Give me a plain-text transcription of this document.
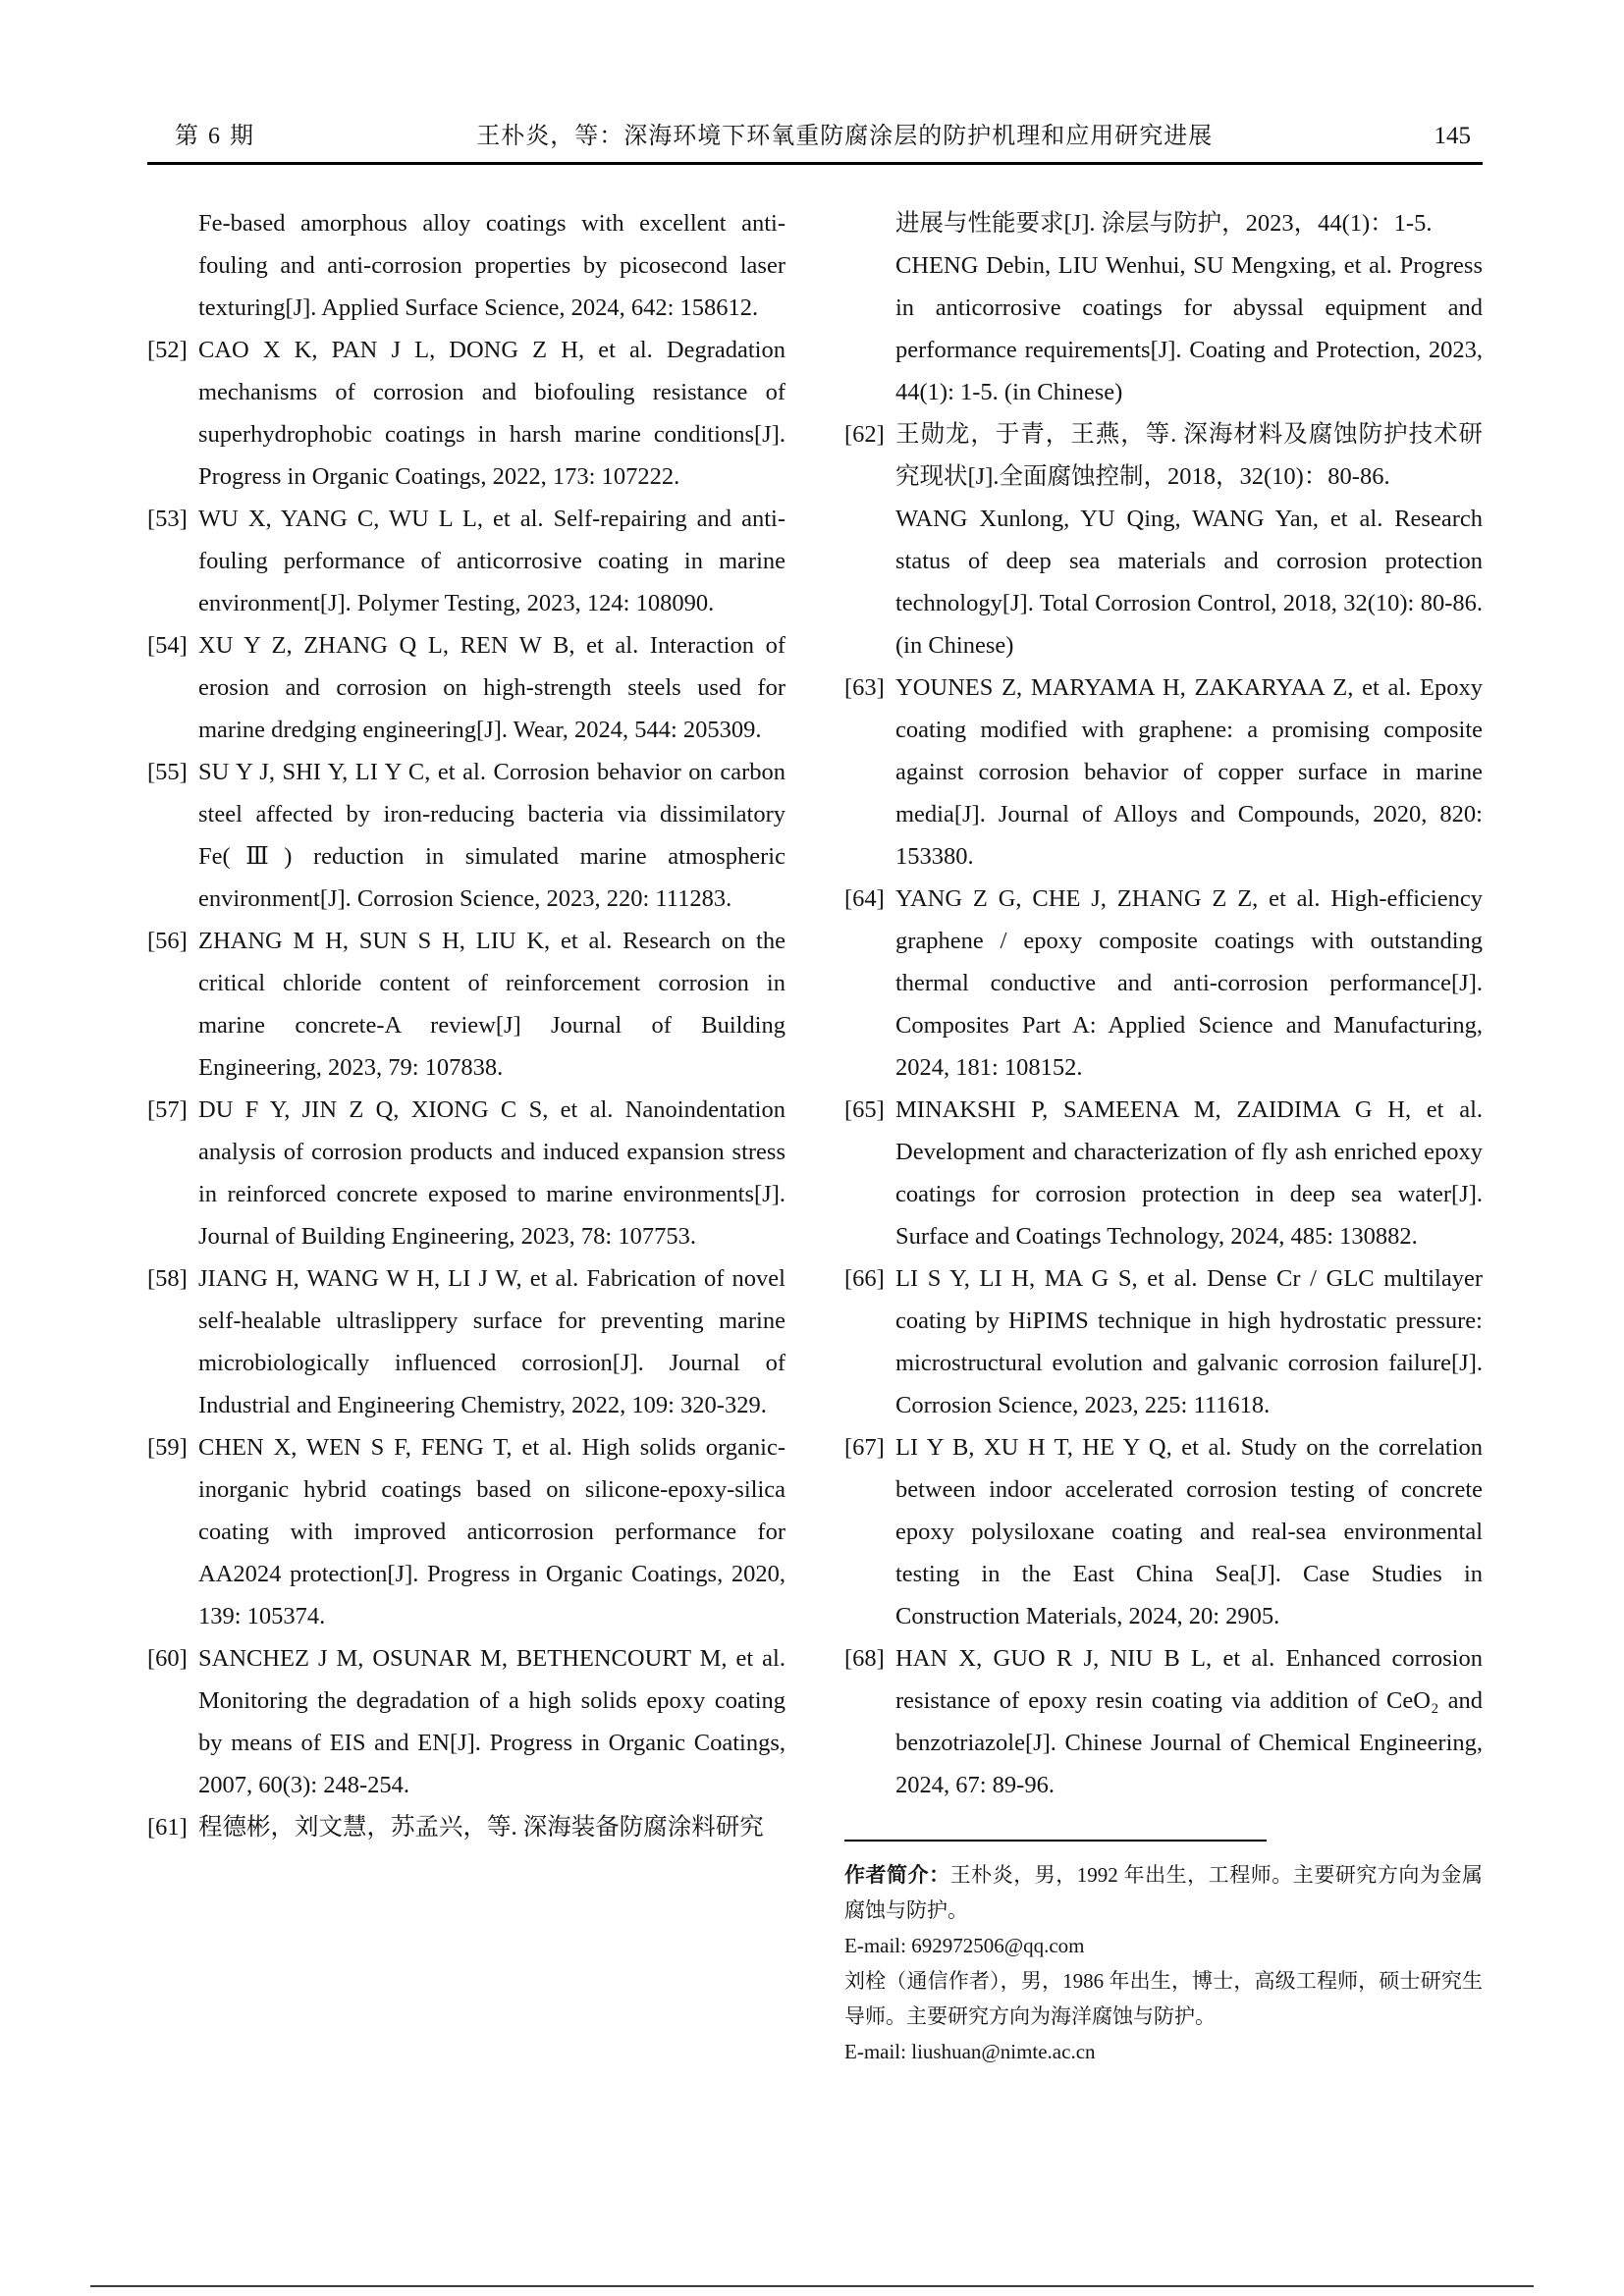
第 6 期	王朴炎，等：深海环境下环氧重防腐涂层的防护机理和应用研究进展	145

Fe-based amorphous alloy coatings with excellent anti-fouling and anti-corrosion properties by picosecond laser texturing[J]. Applied Surface Science, 2024, 642: 158612.

[52] CAO X K, PAN J L, DONG Z H, et al. Degradation mechanisms of corrosion and biofouling resistance of superhydrophobic coatings in harsh marine conditions[J]. Progress in Organic Coatings, 2022, 173: 107222.

[53] WU X, YANG C, WU L L, et al. Self-repairing and anti-fouling performance of anticorrosive coating in marine environment[J]. Polymer Testing, 2023, 124: 108090.

[54] XU Y Z, ZHANG Q L, REN W B, et al. Interaction of erosion and corrosion on high-strength steels used for marine dredging engineering[J]. Wear, 2024, 544: 205309.

[55] SU Y J, SHI Y, LI Y C, et al. Corrosion behavior on carbon steel affected by iron-reducing bacteria via dissimilatory Fe(Ⅲ) reduction in simulated marine atmospheric environment[J]. Corrosion Science, 2023, 220: 111283.

[56] ZHANG M H, SUN S H, LIU K, et al. Research on the critical chloride content of reinforcement corrosion in marine concrete-A review[J] Journal of Building Engineering, 2023, 79: 107838.

[57] DU F Y, JIN Z Q, XIONG C S, et al. Nanoindentation analysis of corrosion products and induced expansion stress in reinforced concrete exposed to marine environments[J]. Journal of Building Engineering, 2023, 78: 107753.

[58] JIANG H, WANG W H, LI J W, et al. Fabrication of novel self-healable ultraslippery surface for preventing marine microbiologically influenced corrosion[J]. Journal of Industrial and Engineering Chemistry, 2022, 109: 320-329.

[59] CHEN X, WEN S F, FENG T, et al. High solids organic-inorganic hybrid coatings based on silicone-epoxy-silica coating with improved anticorrosion performance for AA2024 protection[J]. Progress in Organic Coatings, 2020, 139: 105374.

[60] SANCHEZ J M, OSUNAR M, BETHENCOURT M, et al. Monitoring the degradation of a high solids epoxy coating by means of EIS and EN[J]. Progress in Organic Coatings, 2007, 60(3): 248-254.

[61] 程德彬，刘文慧，苏孟兴，等. 深海装备防腐涂料研究

进展与性能要求[J]. 涂层与防护，2023，44(1)：1-5.

CHENG Debin, LIU Wenhui, SU Mengxing, et al. Progress in anticorrosive coatings for abyssal equipment and performance requirements[J]. Coating and Protection, 2023, 44(1): 1-5. (in Chinese)

[62] 王勋龙，于青，王燕，等. 深海材料及腐蚀防护技术研究现状[J].全面腐蚀控制，2018，32(10)：80-86.

WANG Xunlong, YU Qing, WANG Yan, et al. Research status of deep sea materials and corrosion protection technology[J]. Total Corrosion Control, 2018, 32(10): 80-86. (in Chinese)

[63] YOUNES Z, MARYAMA H, ZAKARYAA Z, et al. Epoxy coating modified with graphene: a promising composite against corrosion behavior of copper surface in marine media[J]. Journal of Alloys and Compounds, 2020, 820: 153380.

[64] YANG Z G, CHE J, ZHANG Z Z, et al. High-efficiency graphene / epoxy composite coatings with outstanding thermal conductive and anti-corrosion performance[J]. Composites Part A: Applied Science and Manufacturing, 2024, 181: 108152.

[65] MINAKSHI P, SAMEENA M, ZAIDIMA G H, et al. Development and characterization of fly ash enriched epoxy coatings for corrosion protection in deep sea water[J]. Surface and Coatings Technology, 2024, 485: 130882.

[66] LI S Y, LI H, MA G S, et al. Dense Cr / GLC multilayer coating by HiPIMS technique in high hydrostatic pressure: microstructural evolution and galvanic corrosion failure[J]. Corrosion Science, 2023, 225: 111618.

[67] LI Y B, XU H T, HE Y Q, et al. Study on the correlation between indoor accelerated corrosion testing of concrete epoxy polysiloxane coating and real-sea environmental testing in the East China Sea[J]. Case Studies in Construction Materials, 2024, 20: 2905.

[68] HAN X, GUO R J, NIU B L, et al. Enhanced corrosion resistance of epoxy resin coating via addition of CeO₂ and benzotriazole[J]. Chinese Journal of Chemical Engineering, 2024, 67: 89-96.

作者简介：王朴炎，男，1992 年出生，工程师。主要研究方向为金属腐蚀与防护。

E-mail: 692972506@qq.com

刘栓（通信作者），男，1986 年出生，博士，高级工程师，硕士研究生导师。主要研究方向为海洋腐蚀与防护。

E-mail: liushuan@nimte.ac.cn
